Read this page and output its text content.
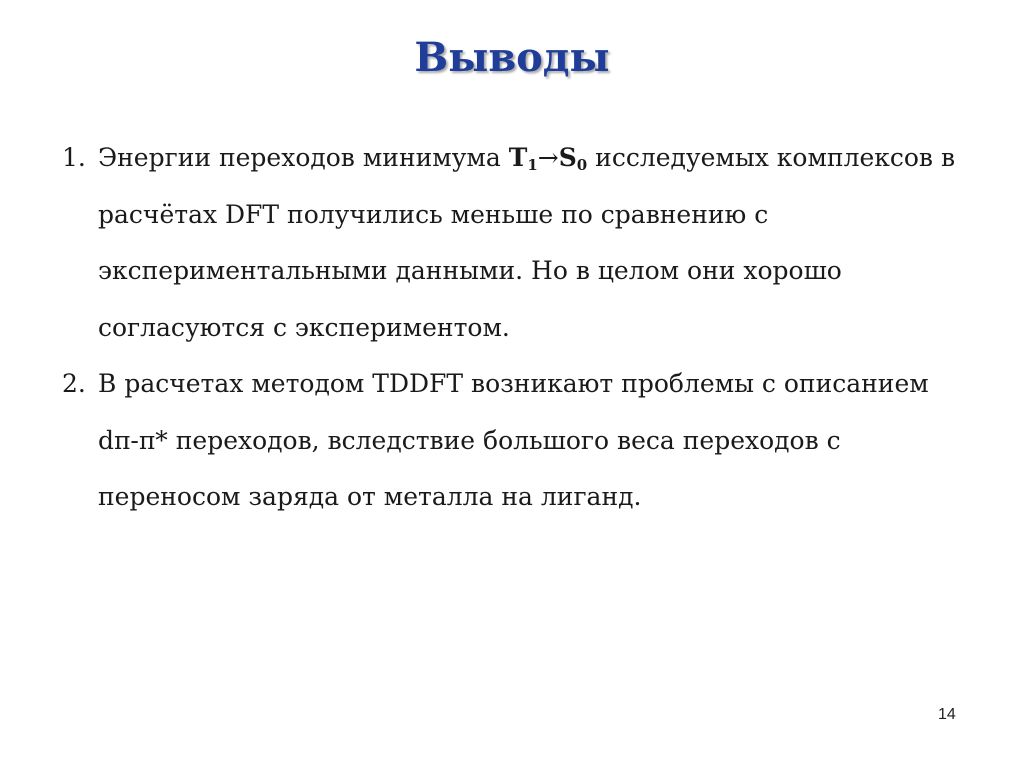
Выводы
1. Энергии переходов минимума $T_1\to S_0$ исследуемых комплексов в расчётах DFT получились меньше по сравнению с экспериментальными данными. Но в целом они хорошо согласуются с экспериментом.
2. В расчетах методом TDDFT возникают проблемы с описанием dπ-π* переходов, вследствие большого веса переходов с переносом заряда от металла на лиганд.
14
